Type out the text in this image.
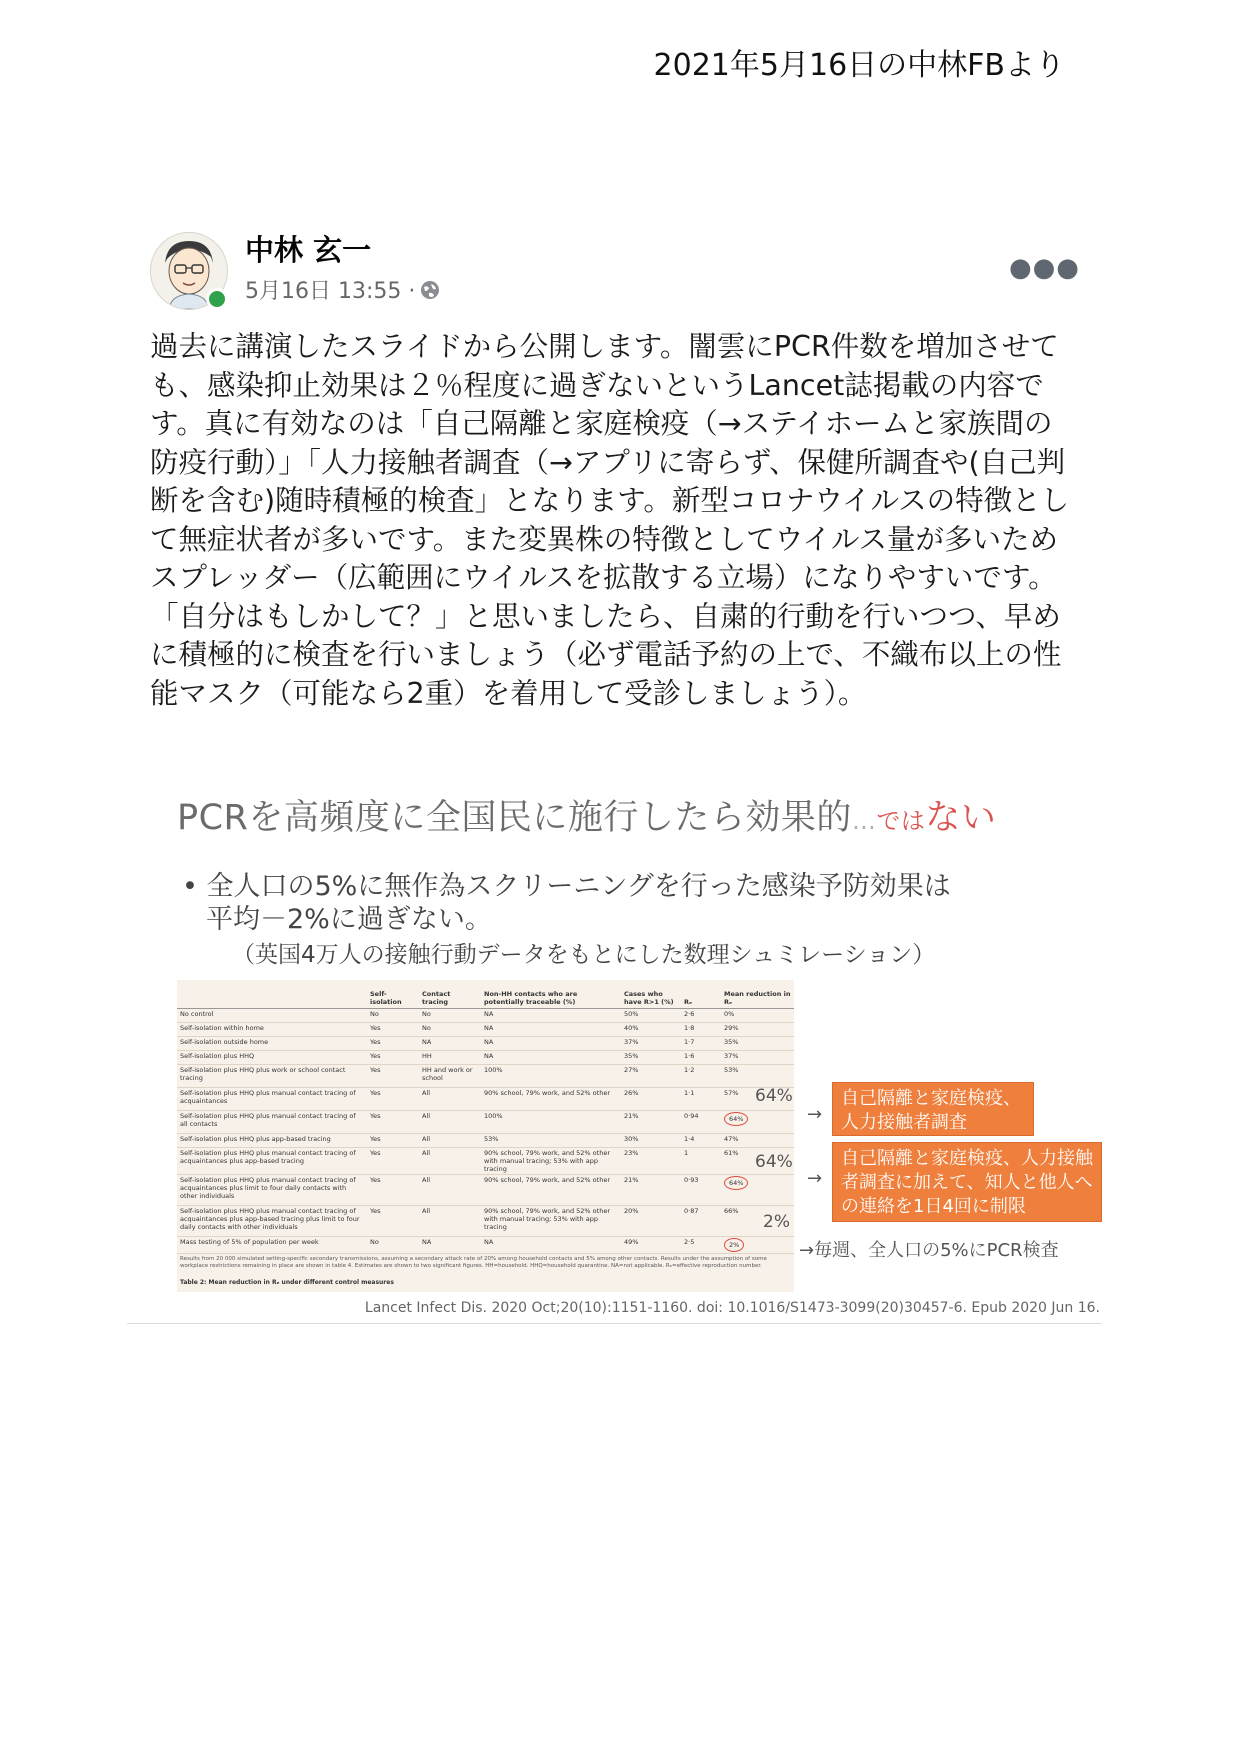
2021年5月16日の中林FBより
中林 玄一
5月16日 13:55 ·
●●●
過去に講演したスライドから公開します。闇雲にPCR件数を増加させても、感染抑止効果は２％程度に過ぎないというLancet誌掲載の内容です。真に有効なのは「自己隔離と家庭検疫（→ステイホームと家族間の防疫行動）」「人力接触者調査（→アプリに寄らず、保健所調査や(自己判断を含む)随時積極的検査」となります。新型コロナウイルスの特徴として無症状者が多いです。また変異株の特徴としてウイルス量が多いためスプレッダー（広範囲にウイルスを拡散する立場）になりやすいです。「自分はもしかして？」と思いましたら、自粛的行動を行いつつ、早めに積極的に検査を行いましょう（必ず電話予約の上で、不織布以上の性能マスク（可能なら2重）を着用して受診しましょう）。
PCRを高頻度に全国民に施行したら効果的…ではない
• 全人口の5%に無作為スクリーニングを行った感染予防効果は
平均－2%に過ぎない。
（英国4万人の接触行動データをもとにした数理シュミレーション）
	Self-isolation	Contact tracing	Non-HH contacts who are potentially traceable (%)	Cases who have R>1 (%)	Rₑ	Mean reduction in Rₑ
No control	No	No	NA	50%	2·6	0%
Self-isolation within home	Yes	No	NA	40%	1·8	29%
Self-isolation outside home	Yes	NA	NA	37%	1·7	35%
Self-isolation plus HHQ	Yes	HH	NA	35%	1·6	37%
Self-isolation plus HHQ plus work or school contact tracing	Yes	HH and work or school	100%	27%	1·2	53%
Self-isolation plus HHQ plus manual contact tracing of acquaintances	Yes	All	90% school, 79% work, and 52% other	26%	1·1	57%
Self-isolation plus HHQ plus manual contact tracing of all contacts	Yes	All	100%	21%	0·94	64%
Self-isolation plus HHQ plus app-based tracing	Yes	All	53%	30%	1·4	47%
Self-isolation plus HHQ plus manual contact tracing of acquaintances plus app-based tracing	Yes	All	90% school, 79% work, and 52% other with manual tracing; 53% with app tracing	23%	1	61%
Self-isolation plus HHQ plus manual contact tracing of acquaintances plus limit to four daily contacts with other individuals	Yes	All	90% school, 79% work, and 52% other	21%	0·93	64%
Self-isolation plus HHQ plus manual contact tracing of acquaintances plus app-based tracing plus limit to four daily contacts with other individuals	Yes	All	90% school, 79% work, and 52% other with manual tracing; 53% with app tracing	20%	0·87	66%
Mass testing of 5% of population per week	No	NA	NA	49%	2·5	2%
Results from 20 000 simulated setting-specific secondary transmissions, assuming a secondary attack rate of 20% among household contacts and 5% among other contacts. Results under the assumption of some workplace restrictions remaining in place are shown in table 4. Estimates are shown to two significant figures. HH=household. HHQ=household quarantine. NA=not applicable. Rₑ=effective reproduction number.
Table 2: Mean reduction in Rₑ under different control measures
64%
64%
2%
→
→
自己隔離と家庭検疫、人力接触者調査
自己隔離と家庭検疫、人力接触者調査に加えて、知人と他人への連絡を1日4回に制限
→毎週、全人口の5%にPCR検査
Lancet Infect Dis. 2020 Oct;20(10):1151-1160. doi: 10.1016/S1473-3099(20)30457-6. Epub 2020 Jun 16.
